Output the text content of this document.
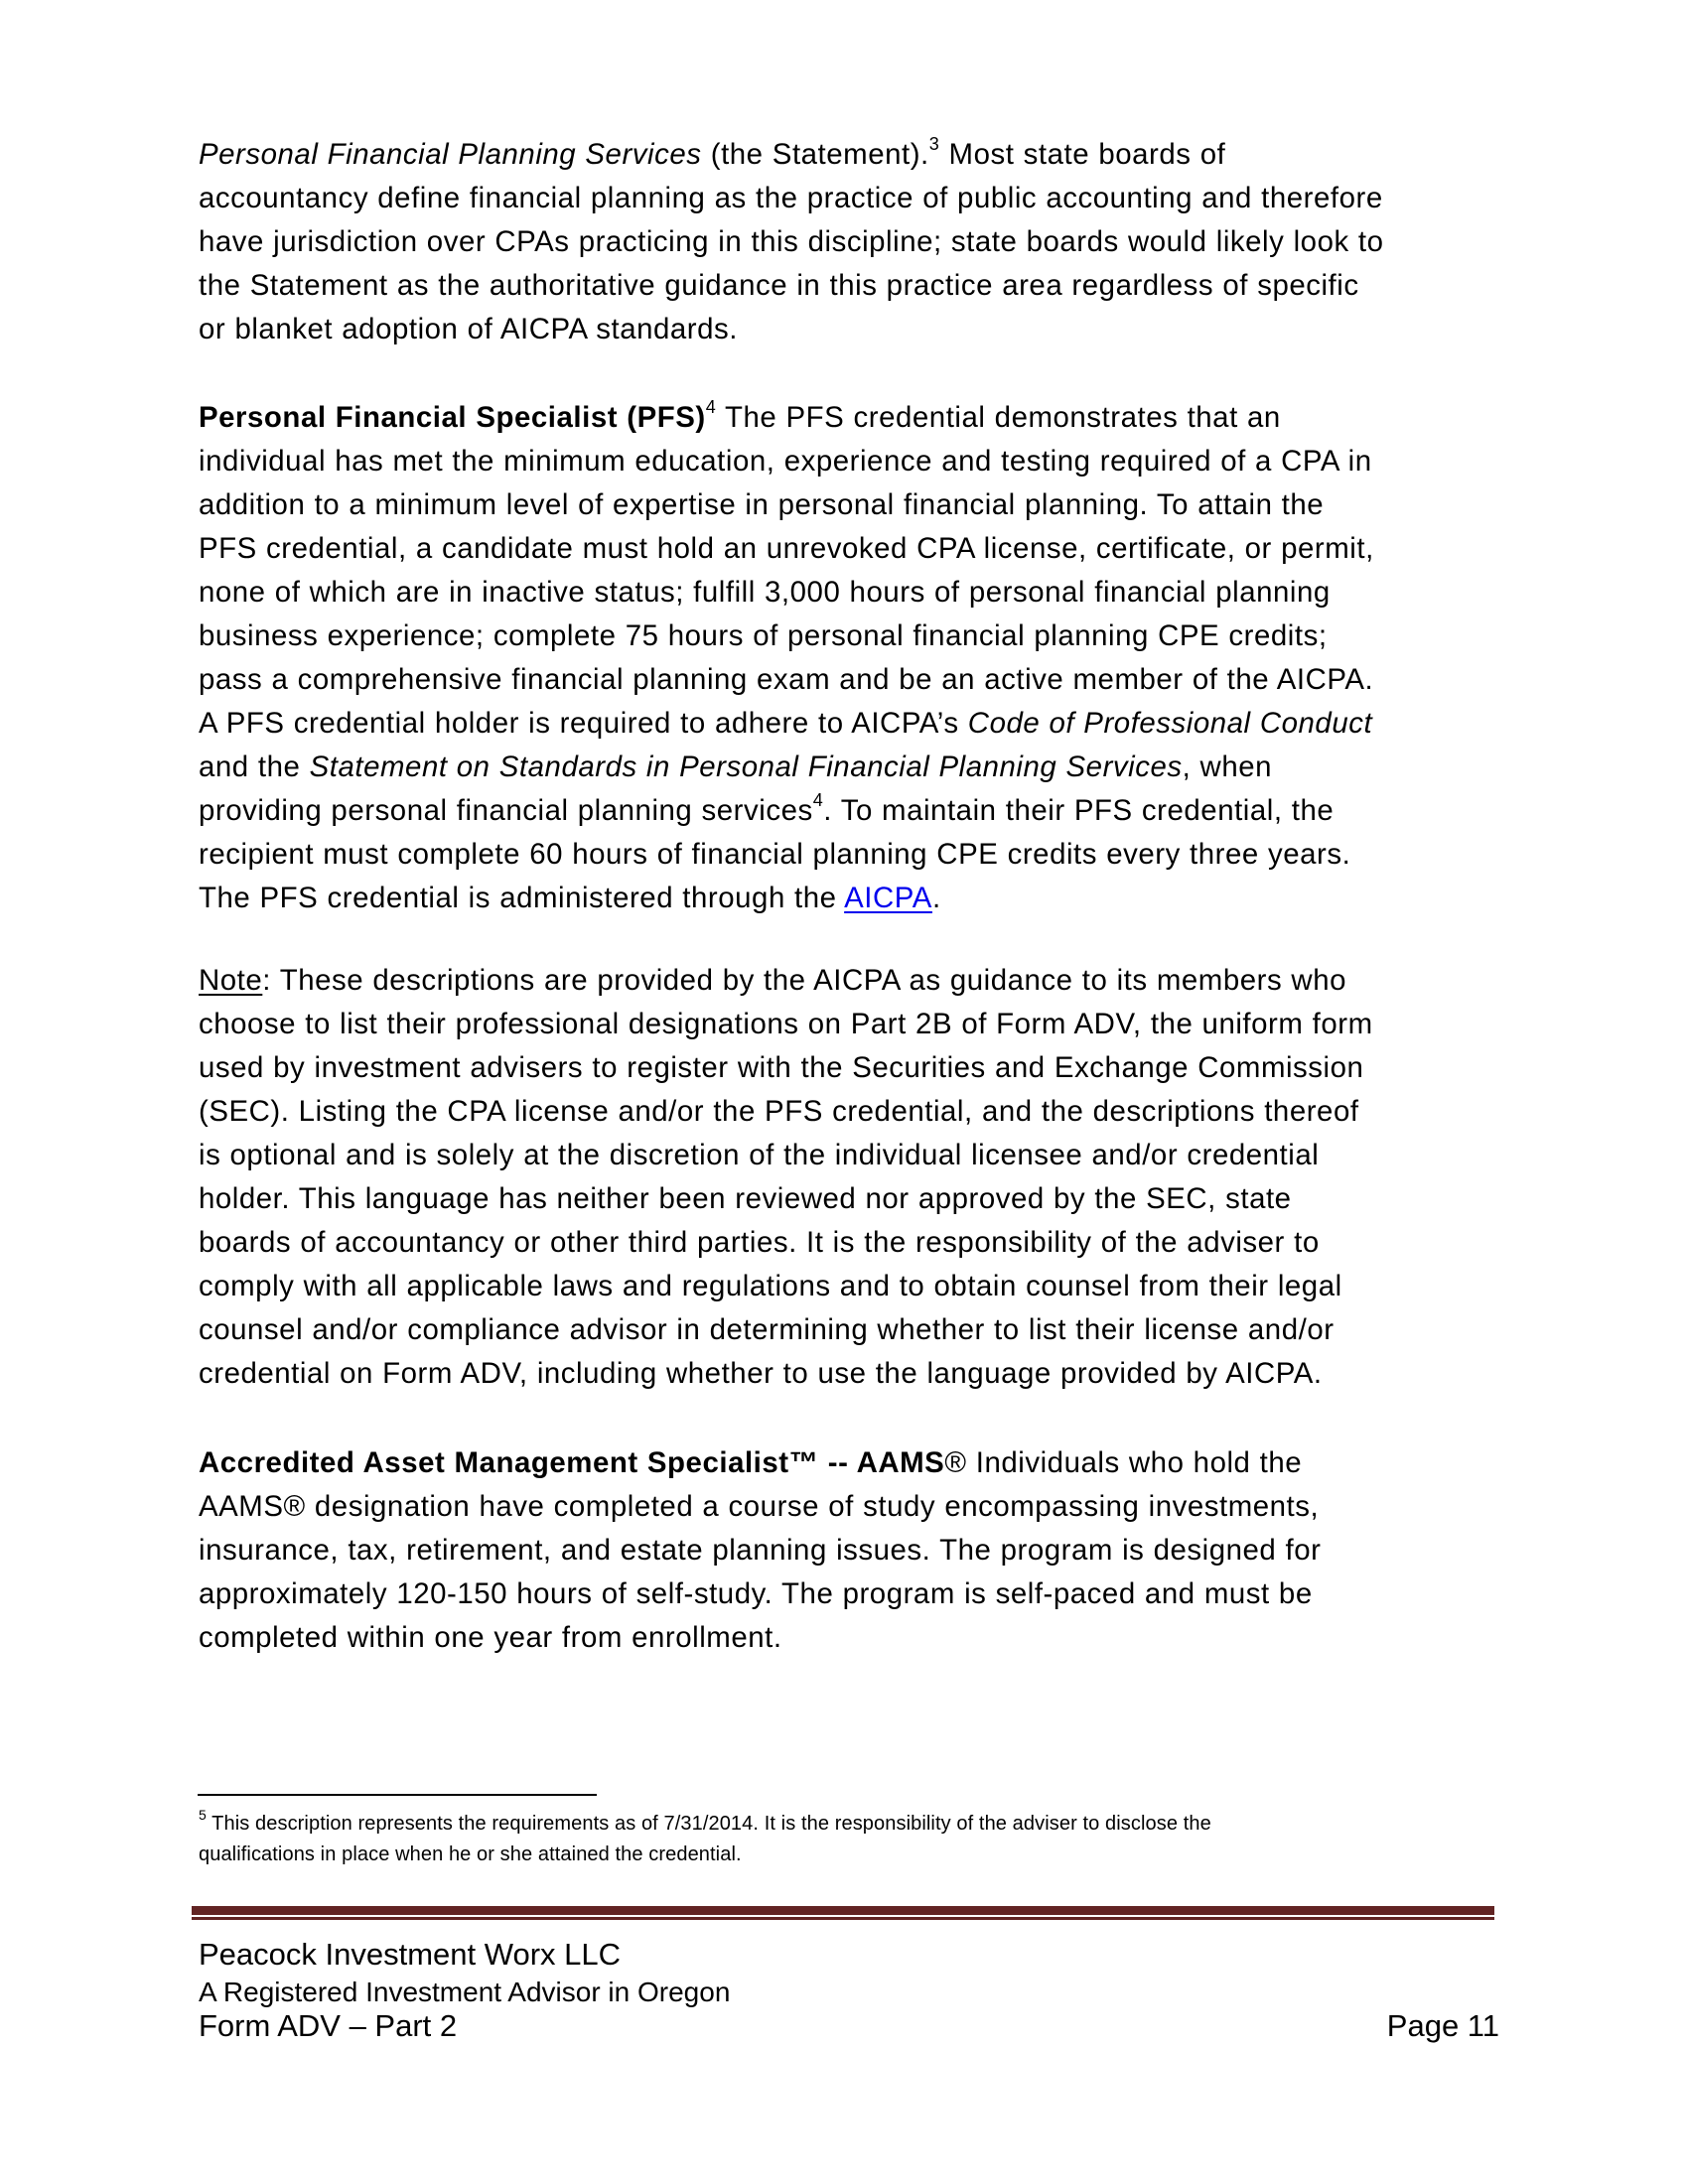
Personal Financial Planning Services (the Statement).$^3$ Most state boards of
accountancy define financial planning as the practice of public accounting and therefore
have jurisdiction over CPAs practicing in this discipline; state boards would likely look to
the Statement as the authoritative guidance in this practice area regardless of specific
or blanket adoption of AICPA standards.
Personal Financial Specialist (PFS)$^4$ The PFS credential demonstrates that an
individual has met the minimum education, experience and testing required of a CPA in
addition to a minimum level of expertise in personal financial planning. To attain the
PFS credential, a candidate must hold an unrevoked CPA license, certificate, or permit,
none of which are in inactive status; fulfill 3,000 hours of personal financial planning
business experience; complete 75 hours of personal financial planning CPE credits;
pass a comprehensive financial planning exam and be an active member of the AICPA.
A PFS credential holder is required to adhere to AICPA’s Code of Professional Conduct
and the Statement on Standards in Personal Financial Planning Services, when
providing personal financial planning services$^4$. To maintain their PFS credential, the
recipient must complete 60 hours of financial planning CPE credits every three years.
The PFS credential is administered through the AICPA.
Note: These descriptions are provided by the AICPA as guidance to its members who
choose to list their professional designations on Part 2B of Form ADV, the uniform form
used by investment advisers to register with the Securities and Exchange Commission
(SEC). Listing the CPA license and/or the PFS credential, and the descriptions thereof
is optional and is solely at the discretion of the individual licensee and/or credential
holder. This language has neither been reviewed nor approved by the SEC, state
boards of accountancy or other third parties. It is the responsibility of the adviser to
comply with all applicable laws and regulations and to obtain counsel from their legal
counsel and/or compliance advisor in determining whether to list their license and/or
credential on Form ADV, including whether to use the language provided by AICPA.
Accredited Asset Management Specialist™ -- AAMS® Individuals who hold the
AAMS® designation have completed a course of study encompassing investments,
insurance, tax, retirement, and estate planning issues. The program is designed for
approximately 120-150 hours of self-study. The program is self-paced and must be
completed within one year from enrollment.
$^5$ This description represents the requirements as of 7/31/2014. It is the responsibility of the adviser to disclose the
qualifications in place when he or she attained the credential.
Peacock Investment Worx LLC
A Registered Investment Advisor in Oregon
Form ADV – Part 2	Page 11
